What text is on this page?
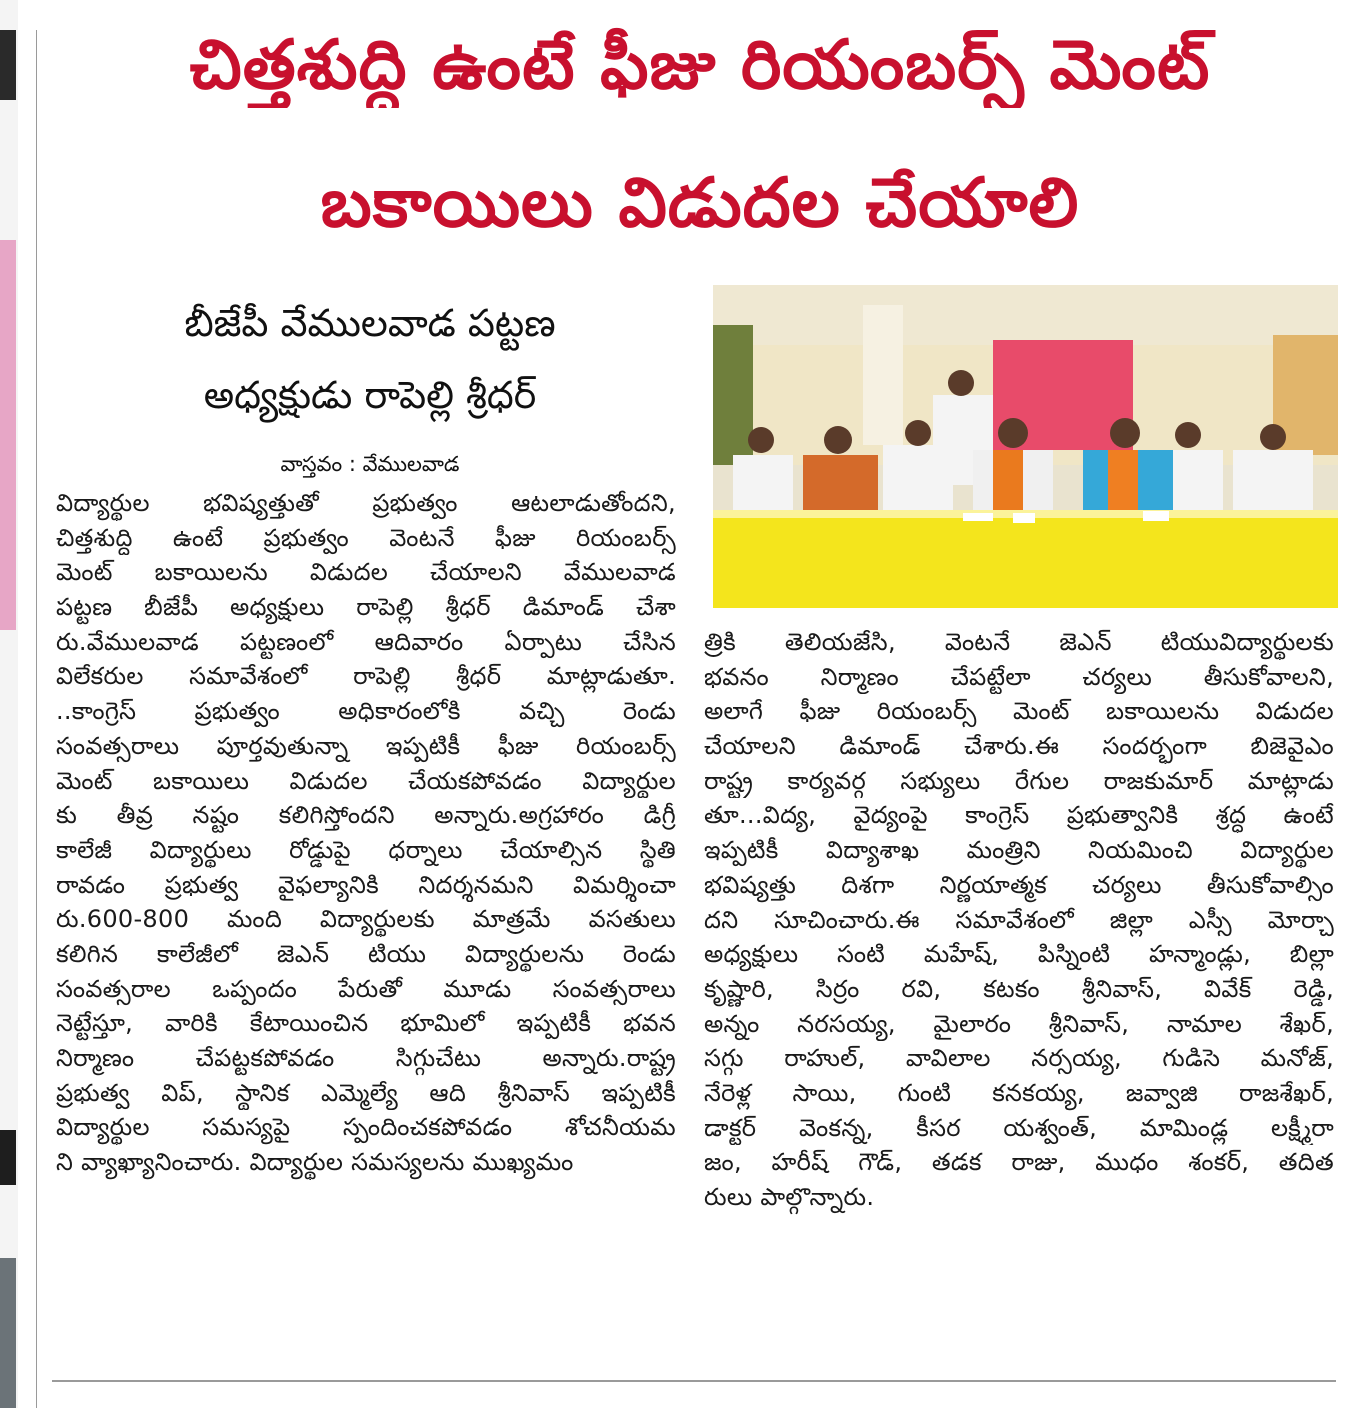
చిత్తశుద్ధి ఉంటే ఫీజు రియంబర్స్ మెంట్
బకాయిలు విడుదల చేయాలి
బీజేపీ వేములవాడ పట్టణ
అధ్యక్షుడు రాపెల్లి శ్రీధర్
వాస్తవం : వేములవాడ
విద్యార్థుల భవిష్యత్తుతో ప్రభుత్వం ఆటలాడుతోందని,
చిత్తశుద్ధి ఉంటే ప్రభుత్వం వెంటనే ఫీజు రియంబర్స్
మెంట్ బకాయిలను విడుదల చేయాలని వేములవాడ
పట్టణ బీజేపీ అధ్యక్షులు రాపెల్లి శ్రీధర్ డిమాండ్ చేశా
రు.వేములవాడ పట్టణంలో ఆదివారం ఏర్పాటు చేసిన
విలేకరుల సమావేశంలో రాపెల్లి శ్రీధర్ మాట్లాడుతూ.
..కాంగ్రెస్ ప్రభుత్వం అధికారంలోకి వచ్చి రెండు
సంవత్సరాలు పూర్తవుతున్నా ఇప్పటికీ ఫీజు రియంబర్స్
మెంట్ బకాయిలు విడుదల చేయకపోవడం విద్యార్థుల
కు తీవ్ర నష్టం కలిగిస్తోందని అన్నారు.అగ్రహారం డిగ్రీ
కాలేజీ విద్యార్థులు రోడ్డుపై ధర్నాలు చేయాల్సిన స్థితి
రావడం ప్రభుత్వ వైఫల్యానికి నిదర్శనమని విమర్శించా
రు.600-800 మంది విద్యార్థులకు మాత్రమే వసతులు
కలిగిన కాలేజీలో జెఎన్ టియు విద్యార్థులను రెండు
సంవత్సరాల ఒప్పందం పేరుతో మూడు సంవత్సరాలు
నెట్టేస్తూ, వారికి కేటాయించిన భూమిలో ఇప్పటికీ భవన
నిర్మాణం చేపట్టకపోవడం సిగ్గుచేటు అన్నారు.రాష్ట్ర
ప్రభుత్వ విప్, స్థానిక ఎమ్మెల్యే ఆది శ్రీనివాస్ ఇప్పటికీ
విద్యార్థుల సమస్యపై స్పందించకపోవడం శోచనీయమ
ని వ్యాఖ్యానించారు. విద్యార్థుల సమస్యలను ముఖ్యమం
త్రికి తెలియజేసి, వెంటనే జెఎన్ టియువిద్యార్థులకు
భవనం నిర్మాణం చేపట్టేలా చర్యలు తీసుకోవాలని,
అలాగే ఫీజు రియంబర్స్ మెంట్ బకాయిలను విడుదల
చేయాలని డిమాండ్ చేశారు.ఈ సందర్భంగా బిజెవైఎం
రాష్ట్ర కార్యవర్గ సభ్యులు రేగుల రాజకుమార్ మాట్లాడు
తూ...విద్య, వైద్యంపై కాంగ్రెస్ ప్రభుత్వానికి శ్రద్ధ ఉంటే
ఇప్పటికీ విద్యాశాఖ మంత్రిని నియమించి విద్యార్థుల
భవిష్యత్తు దిశగా నిర్ణయాత్మక చర్యలు తీసుకోవాల్సిం
దని సూచించారు.ఈ సమావేశంలో జిల్లా ఎస్సీ మోర్చా
అధ్యక్షులు సంటి మహేష్, పిస్నింటి హన్మాండ్లు, బిల్లా
కృష్ణారి, సిర్రం రవి, కటకం శ్రీనివాస్, వివేక్ రెడ్డి,
అన్నం నరసయ్య, మైలారం శ్రీనివాస్, నామాల శేఖర్,
సగ్గు రాహుల్, వావిలాల నర్సయ్య, గుడిసె మనోజ్,
నేరెళ్ల సాయి, గుంటి కనకయ్య, జవ్వాజి రాజశేఖర్,
డాక్టర్ వెంకన్న, కీసర యశ్వంత్, మామిండ్ల లక్ష్మీరా
జం, హరీష్ గౌడ్, తడక రాజు, ముధం శంకర్, తదిత
రులు పాల్గొన్నారు.
